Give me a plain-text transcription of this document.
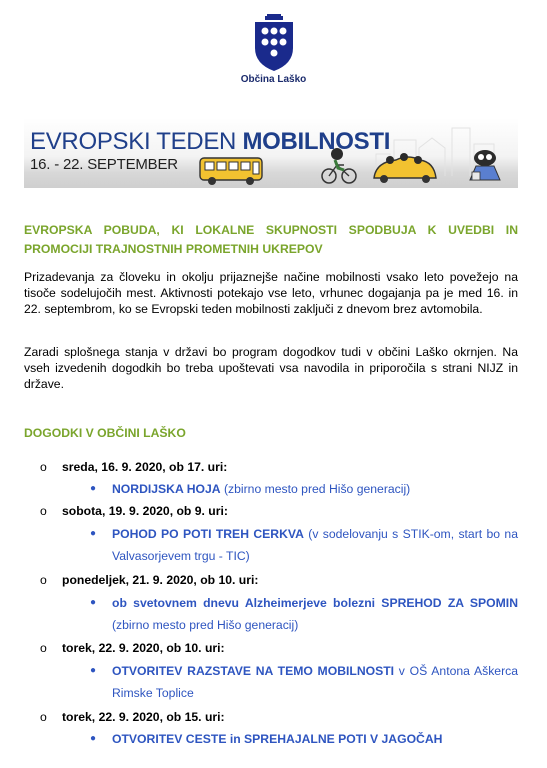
Občina Laško
EVROPSKI TEDEN MOBILNOSTI
16. - 22. SEPTEMBER
EVROPSKA POBUDA, KI LOKALNE SKUPNOSTI SPODBUJA K UVEDBI IN PROMOCIJI TRAJNOSTNIH PROMETNIH UKREPOV
Prizadevanja za človeku in okolju prijaznejše načine mobilnosti vsako leto povežejo na tisoče sodelujočih mest. Aktivnosti potekajo vse leto, vrhunec dogajanja pa je med 16. in 22. septembrom, ko se Evropski teden mobilnosti zaključi z dnevom brez avtomobila.
Zaradi splošnega stanja v državi bo program dogodkov tudi v občini Laško okrnjen. Na vseh izvedenih dogodkih bo treba upoštevati vsa navodila in priporočila s strani NIJZ in države.
DOGODKI V OBČINI LAŠKO
o sreda, 16. 9. 2020, ob 17. uri:
● NORDIJSKA HOJA (zbirno mesto pred Hišo generacij)
o sobota, 19. 9. 2020, ob 9. uri:
● POHOD PO POTI TREH CERKVA (v sodelovanju s STIK-om, start bo na Valvasorjevem trgu - TIC)
o ponedeljek, 21. 9. 2020, ob 10. uri:
● ob svetovnem dnevu Alzheimerjeve bolezni SPREHOD ZA SPOMIN (zbirno mesto pred Hišo generacij)
o torek, 22. 9. 2020, ob 10. uri:
● OTVORITEV RAZSTAVE NA TEMO MOBILNOSTI v OŠ Antona Aškerca Rimske Toplice
o torek, 22. 9. 2020, ob 15. uri:
● OTVORITEV CESTE in SPREHAJALNE POTI V JAGOČAH
